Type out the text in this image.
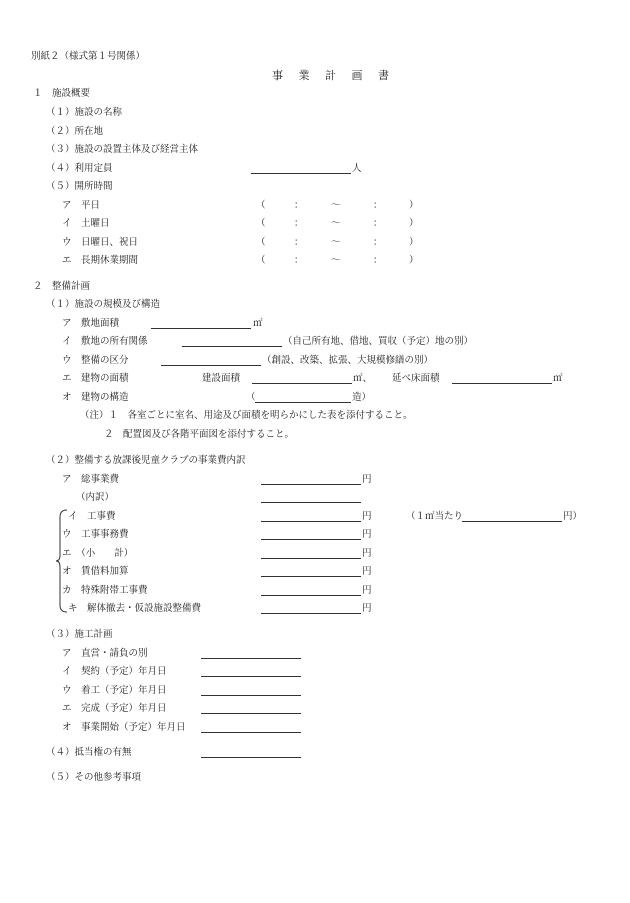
別紙２（様式第１号関係）
事 業 計 画 書
１　施設概要
（１）施設の名称
（２）所在地
（３）施設の設置主体及び経営主体
（４）利用定員	人
（５）開所時間
ア　平日	（	：	〜	：	）
イ　土曜日	（	：	〜	：	）
ウ　日曜日、祝日	（	：	〜	：	）
エ　長期休業期間	（	：	〜	：	）
２　整備計画
（１）施設の規模及び構造
ア　敷地面積	㎡
イ　敷地の所有関係	（自己所有地、借地、買収（予定）地の別）
ウ　整備の区分	（創設、改築、拡張、大規模修繕の別）
エ　建物の面積	建設面積	㎡、 延べ床面積	㎡
オ　建物の構造	（	造）
（注）１　各室ごとに室名、用途及び面積を明らかにした表を添付すること。
２　配置図及び各階平面図を添付すること。
（２）整備する放課後児童クラブの事業費内訳
ア　総事業費	円
（内訳）
イ　工事費	円	（１㎡当たり	円）
ウ　工事事務費	円
エ　（小　　計）	円
オ　賃借料加算	円
カ　特殊附帯工事費	円
キ　解体撤去・仮設施設整備費	円
（３）施工計画
ア　直営・請負の別
イ　契約（予定）年月日
ウ　着工（予定）年月日
エ　完成（予定）年月日
オ　事業開始（予定）年月日
（４）抵当権の有無
（５）その他参考事項
